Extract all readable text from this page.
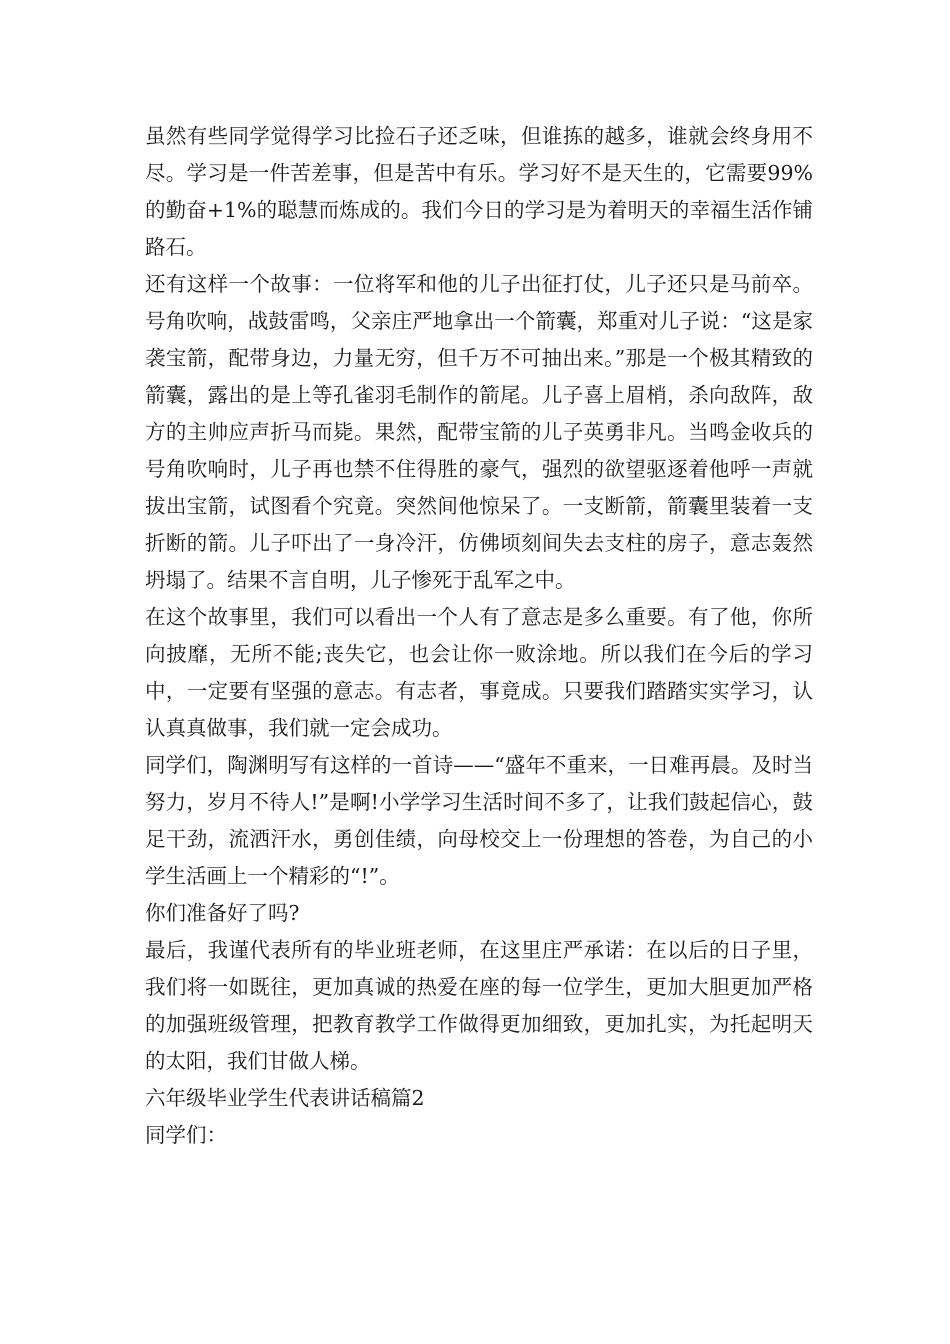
虽然有些同学觉得学习比捡石子还乏味，但谁拣的越多，谁就会终身用不尽。学习是一件苦差事，但是苦中有乐。学习好不是天生的，它需要99%的勤奋+1%的聪慧而炼成的。我们今日的学习是为着明天的幸福生活作铺路石。

还有这样一个故事：一位将军和他的儿子出征打仗，儿子还只是马前卒。号角吹响，战鼓雷鸣，父亲庄严地拿出一个箭囊，郑重对儿子说：“这是家袭宝箭，配带身边，力量无穷，但千万不可抽出来。”那是一个极其精致的箭囊，露出的是上等孔雀羽毛制作的箭尾。儿子喜上眉梢，杀向敌阵，敌方的主帅应声折马而毙。果然，配带宝箭的儿子英勇非凡。当鸣金收兵的号角吹响时，儿子再也禁不住得胜的豪气，强烈的欲望驱逐着他呼一声就拔出宝箭，试图看个究竟。突然间他惊呆了。一支断箭，箭囊里装着一支折断的箭。儿子吓出了一身冷汗，仿佛顷刻间失去支柱的房子，意志轰然坍塌了。结果不言自明，儿子惨死于乱军之中。

在这个故事里，我们可以看出一个人有了意志是多么重要。有了他，你所向披靡，无所不能;丧失它，也会让你一败涂地。所以我们在今后的学习中，一定要有坚强的意志。有志者，事竟成。只要我们踏踏实实学习，认认真真做事，我们就一定会成功。

同学们，陶渊明写有这样的一首诗——“盛年不重来，一日难再晨。及时当努力，岁月不待人!”是啊!小学学习生活时间不多了，让我们鼓起信心，鼓足干劲，流洒汗水，勇创佳绩，向母校交上一份理想的答卷，为自己的小学生活画上一个精彩的“!”。

你们准备好了吗?

最后，我谨代表所有的毕业班老师，在这里庄严承诺：在以后的日子里，我们将一如既往，更加真诚的热爱在座的每一位学生，更加大胆更加严格的加强班级管理，把教育教学工作做得更加细致，更加扎实，为托起明天的太阳，我们甘做人梯。

六年级毕业学生代表讲话稿篇2

同学们：
